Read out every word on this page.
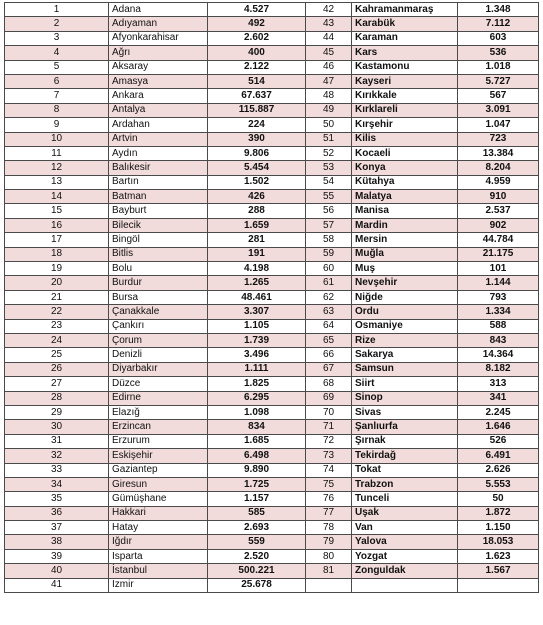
1	Adana	4.527	42	Kahramanmaraş	1.348
2	Adıyaman	492	43	Karabük	7.112
3	Afyonkarahisar	2.602	44	Karaman	603
4	Ağrı	400	45	Kars	536
5	Aksaray	2.122	46	Kastamonu	1.018
6	Amasya	514	47	Kayseri	5.727
7	Ankara	67.637	48	Kırıkkale	567
8	Antalya	115.887	49	Kırklareli	3.091
9	Ardahan	224	50	Kırşehir	1.047
10	Artvin	390	51	Kilis	723
11	Aydın	9.806	52	Kocaeli	13.384
12	Balıkesir	5.454	53	Konya	8.204
13	Bartın	1.502	54	Kütahya	4.959
14	Batman	426	55	Malatya	910
15	Bayburt	288	56	Manisa	2.537
16	Bilecik	1.659	57	Mardin	902
17	Bingöl	281	58	Mersin	44.784
18	Bitlis	191	59	Muğla	21.175
19	Bolu	4.198	60	Muş	101
20	Burdur	1.265	61	Nevşehir	1.144
21	Bursa	48.461	62	Niğde	793
22	Çanakkale	3.307	63	Ordu	1.334
23	Çankırı	1.105	64	Osmaniye	588
24	Çorum	1.739	65	Rize	843
25	Denizli	3.496	66	Sakarya	14.364
26	Diyarbakır	1.111	67	Samsun	8.182
27	Düzce	1.825	68	Siirt	313
28	Edirne	6.295	69	Sinop	341
29	Elazığ	1.098	70	Sivas	2.245
30	Erzincan	834	71	Şanlıurfa	1.646
31	Erzurum	1.685	72	Şırnak	526
32	Eskişehir	6.498	73	Tekirdağ	6.491
33	Gaziantep	9.890	74	Tokat	2.626
34	Giresun	1.725	75	Trabzon	5.553
35	Gümüşhane	1.157	76	Tunceli	50
36	Hakkari	585	77	Uşak	1.872
37	Hatay	2.693	78	Van	1.150
38	Iğdır	559	79	Yalova	18.053
39	Isparta	2.520	80	Yozgat	1.623
40	İstanbul	500.221	81	Zonguldak	1.567
41	İzmir	25.678			
